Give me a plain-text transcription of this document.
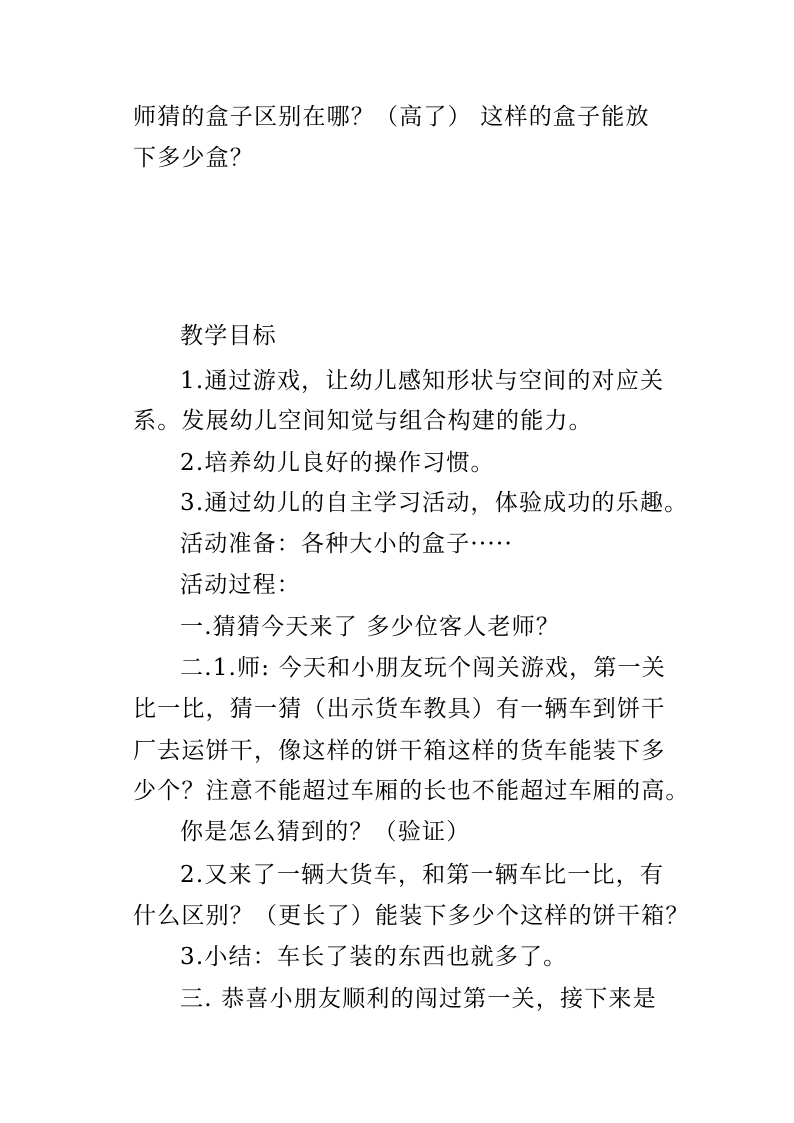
师猜的盒子区别在哪？（高了） 这样的盒子能放
下多少盒？
教学目标
1.通过游戏，让幼儿感知形状与空间的对应关
系。发展幼儿空间知觉与组合构建的能力。
2.培养幼儿良好的操作习惯。
3.通过幼儿的自主学习活动，体验成功的乐趣。
活动准备：各种大小的盒子·····
活动过程：
一.猜猜今天来了 多少位客人老师？
二.1.师: 今天和小朋友玩个闯关游戏，第一关
比一比，猜一猜（出示货车教具）有一辆车到饼干
厂去运饼干，像这样的饼干箱这样的货车能装下多
少个？注意不能超过车厢的长也不能超过车厢的高。
你是怎么猜到的？（验证）
2.又来了一辆大货车，和第一辆车比一比，有
什么区别？（更长了）能装下多少个这样的饼干箱？
3.小结：车长了装的东西也就多了。
三. 恭喜小朋友顺利的闯过第一关，接下来是
